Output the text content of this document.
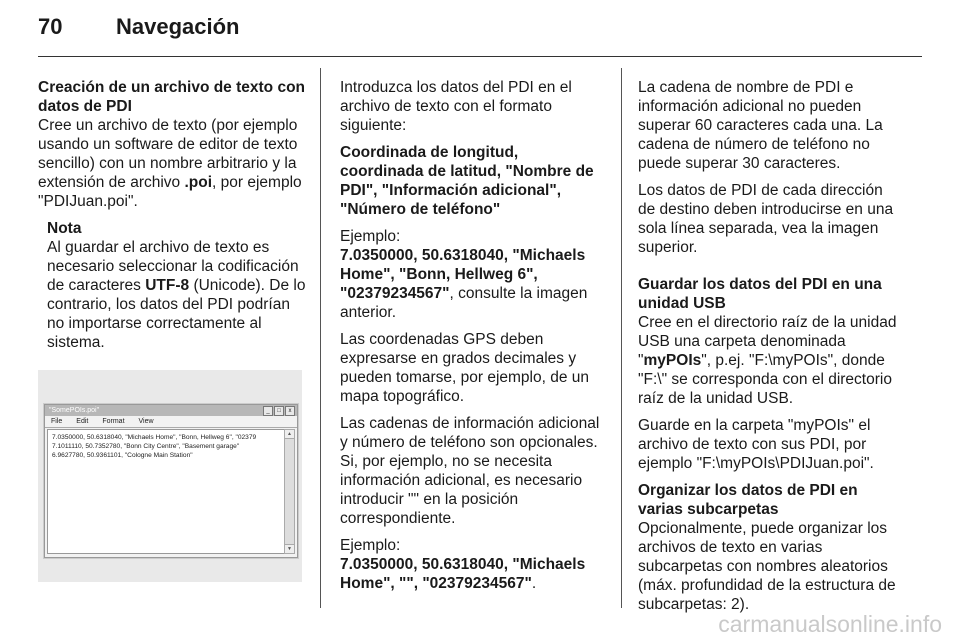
70 Navegación

Creación de un archivo de texto con datos de PDI

Cree un archivo de texto (por ejemplo usando un software de editor de texto sencillo) con un nombre arbitrario y la extensión de archivo .poi, por ejemplo "PDIJuan.poi".

Nota
Al guardar el archivo de texto es necesario seleccionar la codificación de caracteres UTF-8 (Unicode). De lo contrario, los datos del PDI podrían no importarse correctamente al sistema.
"SomePOIs.poi"	_	□	x
File Edit Format View
7.0350000, 50.6318040, "Michaels Home", "Bonn, Hellweg 6", "02379
7.1011110, 50.7352780, "Bonn City Centre", "Basement garage"
6.9627780, 50.9361101, "Cologne Main Station"
▲
▼

Introduzca los datos del PDI en el archivo de texto con el formato siguiente:

Coordinada de longitud, coordinada de latitud, "Nombre de PDI", "Información adicional", "Número de teléfono"

Ejemplo:
7.0350000, 50.6318040, "Michaels Home", "Bonn, Hellweg 6", "02379234567", consulte la imagen anterior.

Las coordenadas GPS deben expresarse en grados decimales y pueden tomarse, por ejemplo, de un mapa topográfico.

Las cadenas de información adicional y número de teléfono son opcionales. Si, por ejemplo, no se necesita información adicional, es necesario introducir "" en la posición correspondiente.

Ejemplo:
7.0350000, 50.6318040, "Michaels Home", "", "02379234567".

La cadena de nombre de PDI e información adicional no pueden superar 60 caracteres cada una. La cadena de número de teléfono no puede superar 30 caracteres.

Los datos de PDI de cada dirección de destino deben introducirse en una sola línea separada, vea la imagen superior.

Guardar los datos del PDI en una unidad USB

Cree en el directorio raíz de la unidad USB una carpeta denominada "myPOIs", p.ej. "F:\myPOIs", donde "F:\" se corresponda con el directorio raíz de la unidad USB.

Guarde en la carpeta "myPOIs" el archivo de texto con sus PDI, por ejemplo "F:\myPOIs\PDIJuan.poi".

Organizar los datos de PDI en varias subcarpetas

Opcionalmente, puede organizar los archivos de texto en varias subcarpetas con nombres aleatorios (máx. profundidad de la estructura de subcarpetas: 2).

carmanualsonline.info
